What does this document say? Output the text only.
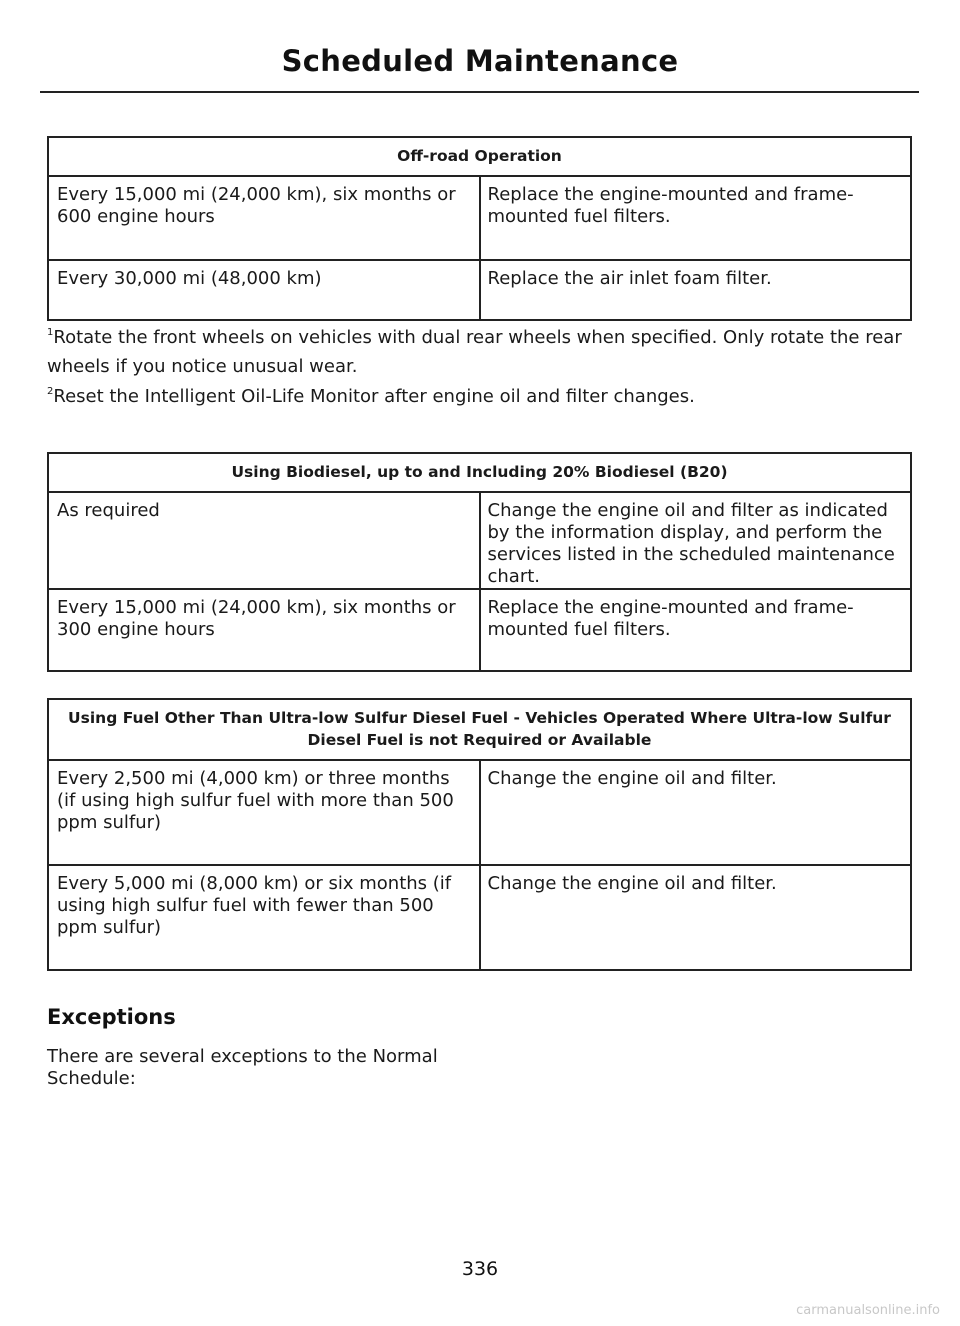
Scheduled Maintenance
Off-road Operation	
Every 15,000 mi (24,000 km), six months or 600 engine hours	Replace the engine-mounted and frame-mounted fuel filters.
Every 30,000 mi (48,000 km)	Replace the air inlet foam filter.
$^1$Rotate the front wheels on vehicles with dual rear wheels when specified. Only rotate the rear wheels if you notice unusual wear.
$^2$Reset the Intelligent Oil-Life Monitor after engine oil and filter changes.
Using Biodiesel, up to and Including 20% Biodiesel (B20)	
As required	Change the engine oil and filter as indicated by the information display, and perform the services listed in the scheduled maintenance chart.
Every 15,000 mi (24,000 km), six months or 300 engine hours	Replace the engine-mounted and frame-mounted fuel filters.
Using Fuel Other Than Ultra-low Sulfur Diesel Fuel - Vehicles Operated Where Ultra-low Sulfur Diesel Fuel is not Required or Available	
Every 2,500 mi (4,000 km) or three months (if using high sulfur fuel with more than 500 ppm sulfur)	Change the engine oil and filter.
Every 5,000 mi (8,000 km) or six months (if using high sulfur fuel with fewer than 500 ppm sulfur)	Change the engine oil and filter.
Exceptions
There are several exceptions to the Normal Schedule:
336
carmanualsonline.info
